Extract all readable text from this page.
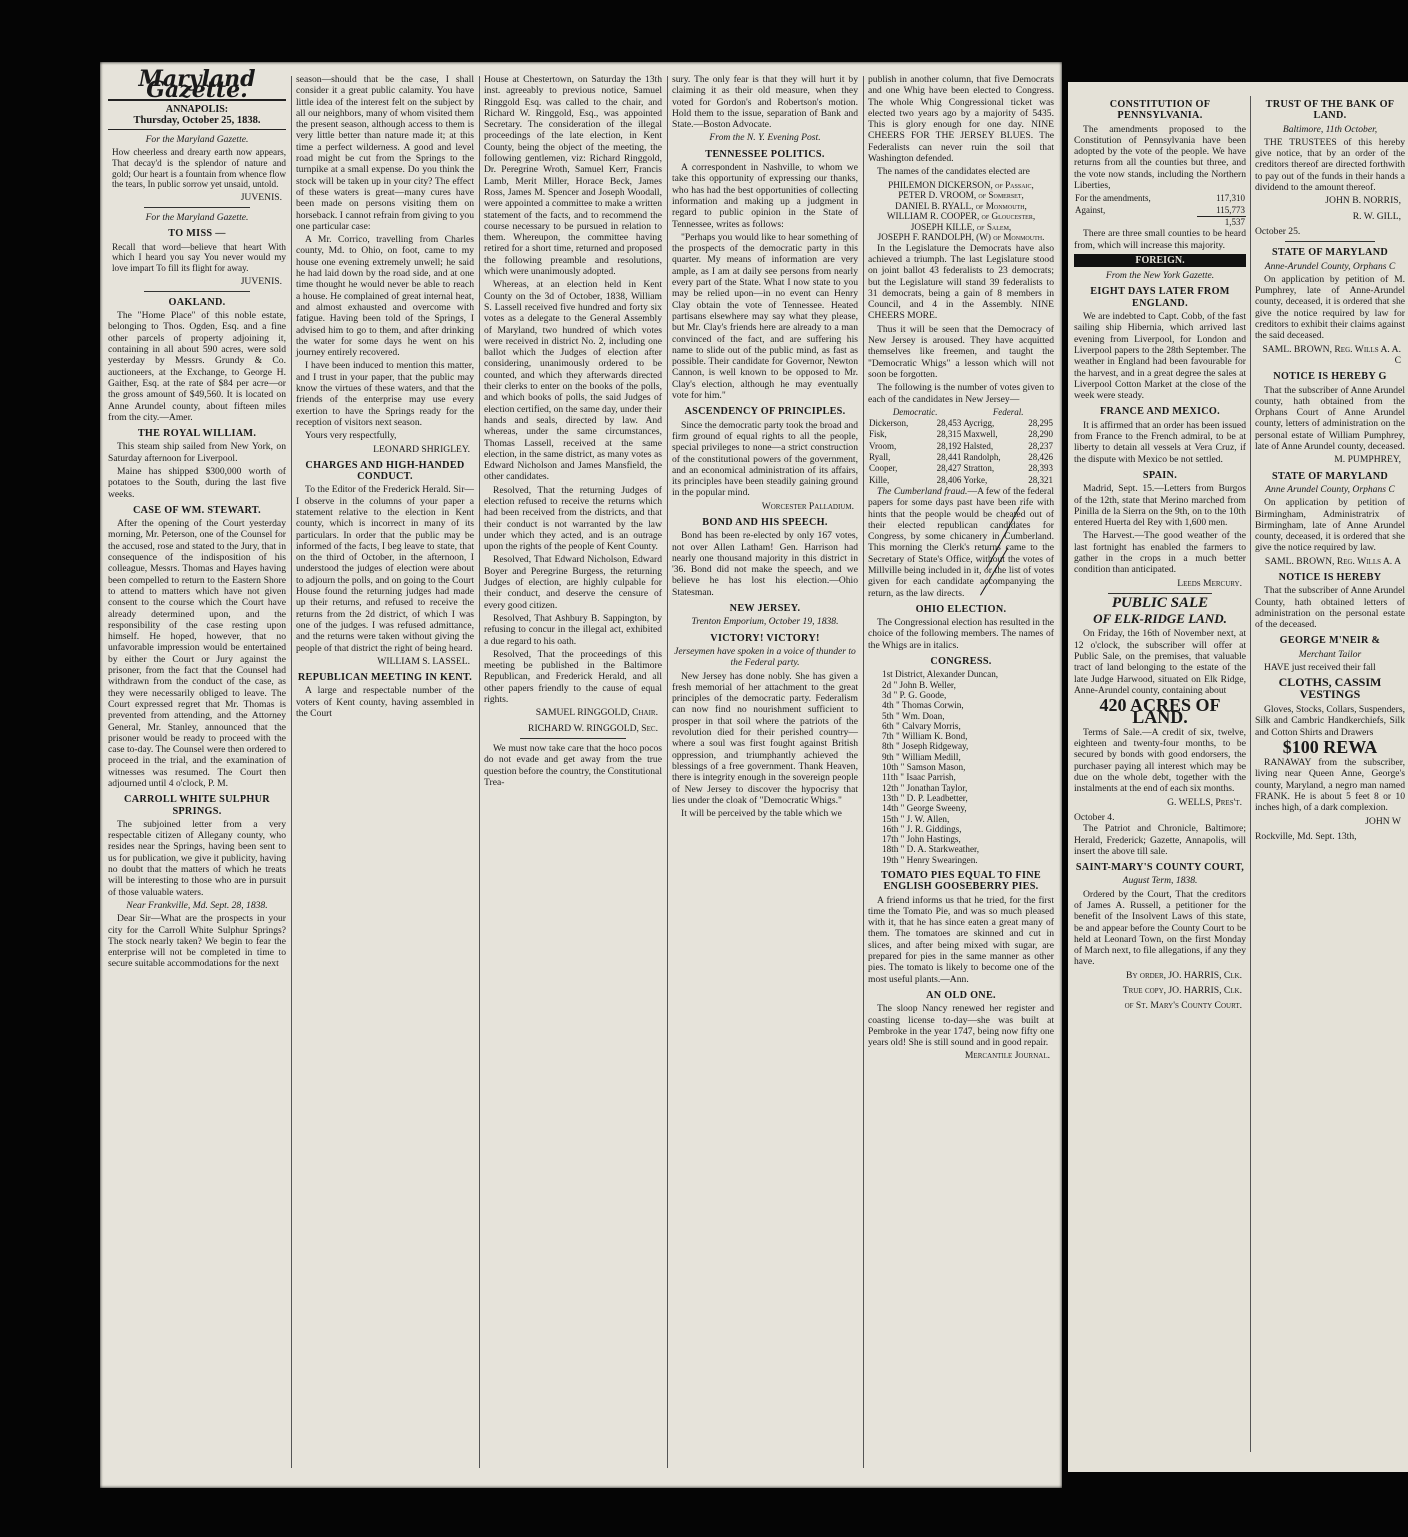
Maryland Gazette.
ANNAPOLIS:
Thursday, October 25, 1838.
For the Maryland Gazette.

How cheerless and dreary earth now appears, That decay'd is the splendor of nature and gold; Our heart is a fountain from whence flow the tears, In public sorrow yet unsaid, untold.

JUVENIS.
For the Maryland Gazette.
TO MISS —

Recall that word—believe that heart With which I heard you say You never would my love impart To fill its flight for away.

JUVENIS.
OAKLAND.

The "Home Place" of this noble estate, belonging to Thos. Ogden, Esq. and a fine other parcels of property adjoining it, containing in all about 590 acres, were sold yesterday by Messrs. Grundy & Co. auctioneers, at the Exchange, to George H. Gaither, Esq. at the rate of $84 per acre—or the gross amount of $49,560. It is located on Anne Arundel county, about fifteen miles from the city.—Amer.

THE ROYAL WILLIAM.

This steam ship sailed from New York, on Saturday afternoon for Liverpool.

Maine has shipped $300,000 worth of potatoes to the South, during the last five weeks.

CASE OF WM. STEWART.

After the opening of the Court yesterday morning, Mr. Peterson, one of the Counsel for the accused, rose and stated to the Jury, that in consequence of the indisposition of his colleague, Messrs. Thomas and Hayes having been compelled to return to the Eastern Shore to attend to matters which have not given consent to the course which the Court have already determined upon, and the responsibility of the case resting upon himself. He hoped, however, that no unfavorable impression would be entertained by either the Court or Jury against the prisoner, from the fact that the Counsel had withdrawn from the conduct of the case, as they were necessarily obliged to leave. The Court expressed regret that Mr. Thomas is prevented from attending, and the Attorney General, Mr. Stanley, announced that the prisoner would be ready to proceed with the case to-day. The Counsel were then ordered to proceed in the trial, and the examination of witnesses was resumed. The Court then adjourned until 4 o'clock, P. M.

CARROLL WHITE SULPHUR SPRINGS.

The subjoined letter from a very respectable citizen of Allegany county, who resides near the Springs, having been sent to us for publication, we give it publicity, having no doubt that the matters of which he treats will be interesting to those who are in pursuit of those valuable waters.

Near Frankville, Md. Sept. 28, 1838.

Dear Sir—What are the prospects in your city for the Carroll White Sulphur Springs? The stock nearly taken? We begin to fear the enterprise will not be completed in time to secure suitable accommodations for the next

season—should that be the case, I shall consider it a great public calamity. You have little idea of the interest felt on the subject by all our neighbors, many of whom visited them the present season, although access to them is very little better than nature made it; at this time a perfect wilderness. A good and level road might be cut from the Springs to the turnpike at a small expense. Do you think the stock will be taken up in your city? The effect of these waters is great—many cures have been made on persons visiting them on horseback. I cannot refrain from giving to you one particular case:

A Mr. Corrico, travelling from Charles county, Md. to Ohio, on foot, came to my house one evening extremely unwell; he said he had laid down by the road side, and at one time thought he would never be able to reach a house. He complained of great internal heat, and almost exhausted and overcome with fatigue. Having been told of the Springs, I advised him to go to them, and after drinking the water for some days he went on his journey entirely recovered.

I have been induced to mention this matter, and I trust in your paper, that the public may know the virtues of these waters, and that the friends of the enterprise may use every exertion to have the Springs ready for the reception of visitors next season.

Yours very respectfully,

LEONARD SHRIGLEY.
CHARGES AND HIGH-HANDED CONDUCT.

To the Editor of the Frederick Herald. Sir—I observe in the columns of your paper a statement relative to the election in Kent county, which is incorrect in many of its particulars. In order that the public may be informed of the facts, I beg leave to state, that on the third of October, in the afternoon, I understood the judges of election were about to adjourn the polls, and on going to the Court House found the returning judges had made up their returns, and refused to receive the returns from the 2d district, of which I was one of the judges. I was refused admittance, and the returns were taken without giving the people of that district the right of being heard.

WILLIAM S. LASSEL.
REPUBLICAN MEETING IN KENT.

A large and respectable number of the voters of Kent county, having assembled in the Court

House at Chestertown, on Saturday the 13th inst. agreeably to previous notice, Samuel Ringgold Esq. was called to the chair, and Richard W. Ringgold, Esq., was appointed Secretary. The consideration of the illegal proceedings of the late election, in Kent County, being the object of the meeting, the following gentlemen, viz: Richard Ringgold, Dr. Peregrine Wroth, Samuel Kerr, Francis Lamb, Merit Miller, Horace Beck, James Ross, James M. Spencer and Joseph Woodall, were appointed a committee to make a written statement of the facts, and to recommend the course necessary to be pursued in relation to them. Whereupon, the committee having retired for a short time, returned and proposed the following preamble and resolutions, which were unanimously adopted.

Whereas, at an election held in Kent County on the 3d of October, 1838, William S. Lassell received five hundred and forty six votes as a delegate to the General Assembly of Maryland, two hundred of which votes were received in district No. 2, including one ballot which the Judges of election after considering, unanimously ordered to be counted, and which they afterwards directed their clerks to enter on the books of the polls, and which books of polls, the said Judges of election certified, on the same day, under their hands and seals, directed by law. And whereas, under the same circumstances, Thomas Lassell, received at the same election, in the same district, as many votes as Edward Nicholson and James Mansfield, the other candidates.

Resolved, That the returning Judges of election refused to receive the returns which had been received from the districts, and that their conduct is not warranted by the law under which they acted, and is an outrage upon the rights of the people of Kent County.

Resolved, That Edward Nicholson, Edward Boyer and Peregrine Burgess, the returning Judges of election, are highly culpable for their conduct, and deserve the censure of every good citizen.

Resolved, That Ashbury B. Sappington, by refusing to concur in the illegal act, exhibited a due regard to his oath.

Resolved, That the proceedings of this meeting be published in the Baltimore Republican, and Frederick Herald, and all other papers friendly to the cause of equal rights.

SAMUEL RINGGOLD, Chair.
RICHARD W. RINGGOLD, Sec.

We must now take care that the hoco pocos do not evade and get away from the true question before the country, the Constitutional Trea-

sury. The only fear is that they will hurt it by claiming it as their old measure, when they voted for Gordon's and Robertson's motion. Hold them to the issue, separation of Bank and State.—Boston Advocate.

From the N. Y. Evening Post.
TENNESSEE POLITICS.

A correspondent in Nashville, to whom we take this opportunity of expressing our thanks, who has had the best opportunities of collecting information and making up a judgment in regard to public opinion in the State of Tennessee, writes as follows:

"Perhaps you would like to hear something of the prospects of the democratic party in this quarter. My means of information are very ample, as I am at daily see persons from nearly every part of the State. What I now state to you may be relied upon—in no event can Henry Clay obtain the vote of Tennessee. Heated partisans elsewhere may say what they please, but Mr. Clay's friends here are already to a man convinced of the fact, and are suffering his name to slide out of the public mind, as fast as possible. Their candidate for Governor, Newton Cannon, is well known to be opposed to Mr. Clay's election, although he may eventually vote for him."

ASCENDENCY OF PRINCIPLES.

Since the democratic party took the broad and firm ground of equal rights to all the people, special privileges to none—a strict construction of the constitutional powers of the government, and an economical administration of its affairs, its principles have been steadily gaining ground in the popular mind.

Worcester Palladium.
BOND AND HIS SPEECH.

Bond has been re-elected by only 167 votes, not over Allen Latham! Gen. Harrison had nearly one thousand majority in this district in '36. Bond did not make the speech, and we believe he has lost his election.—Ohio Statesman.

NEW JERSEY.
Trenton Emporium, October 19, 1838.
VICTORY! VICTORY!
Jerseymen have spoken in a voice of thunder to the Federal party.

New Jersey has done nobly. She has given a fresh memorial of her attachment to the great principles of the democratic party. Federalism can now find no nourishment sufficient to prosper in that soil where the patriots of the revolution died for their perished country—where a soul was first fought against British oppression, and triumphantly achieved the blessings of a free government. Thank Heaven, there is integrity enough in the sovereign people of New Jersey to discover the hypocrisy that lies under the cloak of "Democratic Whigs."

It will be perceived by the table which we

publish in another column, that five Democrats and one Whig have been elected to Congress. The whole Whig Congressional ticket was elected two years ago by a majority of 5435. This is glory enough for one day. NINE CHEERS FOR THE JERSEY BLUES. The Federalists can never ruin the soil that Washington defended.

The names of the candidates elected are

PHILEMON DICKERSON, of Passaic,
PETER D. VROOM, of Somerset,
DANIEL B. RYALL, of Monmouth,
WILLIAM R. COOPER, of Gloucester,
JOSEPH KILLE, of Salem,
JOSEPH F. RANDOLPH, (W) of Monmouth.

In the Legislature the Democrats have also achieved a triumph. The last Legislature stood on joint ballot 43 federalists to 23 democrats; but the Legislature will stand 39 federalists to 31 democrats, being a gain of 8 members in Council, and 4 in the Assembly. NINE CHEERS MORE.

Thus it will be seen that the Democracy of New Jersey is aroused. They have acquitted themselves like freemen, and taught the "Democratic Whigs" a lesson which will not soon be forgotten.

The following is the number of votes given to each of the candidates in New Jersey—

Democratic.		Federal.	
Dickerson,	28,453	Aycrigg,	28,295
Fisk,	28,315	Maxwell,	28,290
Vroom,	28,192	Halsted,	28,237
Ryall,	28,441	Randolph,	28,426
Cooper,	28,427	Stratton,	28,393
Kille,	28,406	Yorke,	28,321

The Cumberland fraud.—A few of the federal papers for some days past have been rife with hints that the people would be cheated out of their elected republican candidates for Congress, by some chicanery in Cumberland. This morning the Clerk's returns came to the Secretary of State's Office, without the votes of Millville being included in it, or the list of votes given for each candidate accompanying the return, as the law directs.

OHIO ELECTION.

The Congressional election has resulted in the choice of the following members. The names of the Whigs are in italics.

CONGRESS.
1st District, Alexander Duncan,
2d " John B. Weller,
3d " P. G. Goode,
4th " Thomas Corwin,
5th " Wm. Doan,
6th " Calvary Morris,
7th " William K. Bond,
8th " Joseph Ridgeway,
9th " William Medill,
10th " Samson Mason,
11th " Isaac Parrish,
12th " Jonathan Taylor,
13th " D. P. Leadbetter,
14th " George Sweeny,
15th " J. W. Allen,
16th " J. R. Giddings,
17th " John Hastings,
18th " D. A. Starkweather,
19th " Henry Swearingen.
TOMATO PIES EQUAL TO FINE ENGLISH GOOSEBERRY PIES.

A friend informs us that he tried, for the first time the Tomato Pie, and was so much pleased with it, that he has since eaten a great many of them. The tomatoes are skinned and cut in slices, and after being mixed with sugar, are prepared for pies in the same manner as other pies. The tomato is likely to become one of the most useful plants.—Ann.

AN OLD ONE.

The sloop Nancy renewed her register and coasting license to-day—she was built at Pembroke in the year 1747, being now fifty one years old! She is still sound and in good repair.

Mercantile Journal.
CONSTITUTION OF PENNSYLVANIA.

The amendments proposed to the Constitution of Pennsylvania have been adopted by the vote of the people. We have returns from all the counties but three, and the vote now stands, including the Northern Liberties,

For the amendments,	117,310
Against,	115,773
	1,537

There are three small counties to be heard from, which will increase this majority.

FOREIGN.
From the New York Gazette.
EIGHT DAYS LATER FROM ENGLAND.

We are indebted to Capt. Cobb, of the fast sailing ship Hibernia, which arrived last evening from Liverpool, for London and Liverpool papers to the 28th September. The weather in England had been favourable for the harvest, and in a great degree the sales at Liverpool Cotton Market at the close of the week were steady.

FRANCE AND MEXICO.

It is affirmed that an order has been issued from France to the French admiral, to be at liberty to detain all vessels at Vera Cruz, if the dispute with Mexico be not settled.

SPAIN.

Madrid, Sept. 15.—Letters from Burgos of the 12th, state that Merino marched from Pinilla de la Sierra on the 9th, on to the 10th entered Huerta del Rey with 1,600 men.

The Harvest.—The good weather of the last fortnight has enabled the farmers to gather in the crops in a much better condition than anticipated.

Leeds Mercury.
PUBLIC SALE
OF ELK-RIDGE LAND.

On Friday, the 16th of November next, at 12 o'clock, the subscriber will offer at Public Sale, on the premises, that valuable tract of land belonging to the estate of the late Judge Harwood, situated on Elk Ridge, Anne-Arundel county, containing about

420 ACRES OF LAND.

Terms of Sale.—A credit of six, twelve, eighteen and twenty-four months, to be secured by bonds with good endorsers, the purchaser paying all interest which may be due on the whole debt, together with the instalments at the end of each six months.

G. WELLS, Pres't.
October 4.

The Patriot and Chronicle, Baltimore; Herald, Frederick; Gazette, Annapolis, will insert the above till sale.

SAINT-MARY'S COUNTY COURT,
August Term, 1838.

Ordered by the Court, That the creditors of James A. Russell, a petitioner for the benefit of the Insolvent Laws of this state, be and appear before the County Court to be held at Leonard Town, on the first Monday of March next, to file allegations, if any they have.

By order, JO. HARRIS, Clk.
True copy, JO. HARRIS, Clk.
of St. Mary's County Court.
TRUST OF THE BANK OF LAND.
Baltimore, 11th October,

THE TRUSTEES of this hereby give notice, that by an order of the creditors thereof are directed forthwith to pay out of the funds in their hands a dividend to the amount thereof.

JOHN B. NORRIS,
R. W. GILL,
October 25.
STATE OF MARYLAND
Anne-Arundel County, Orphans C

On application by petition of M. Pumphrey, late of Anne-Arundel county, deceased, it is ordered that she give the notice required by law for creditors to exhibit their claims against the said deceased.

SAML. BROWN, Reg. Wills A. A. C
NOTICE IS HEREBY G

That the subscriber of Anne Arundel county, hath obtained from the Orphans Court of Anne Arundel county, letters of administration on the personal estate of William Pumphrey, late of Anne Arundel county, deceased.

M. PUMPHREY,
STATE OF MARYLAND
Anne Arundel County, Orphans C

On application by petition of Birmingham, Administratrix of Birmingham, late of Anne Arundel county, deceased, it is ordered that she give the notice required by law.

SAML. BROWN, Reg. Wills A. A
NOTICE IS HEREBY

That the subscriber of Anne Arundel County, hath obtained letters of administration on the personal estate of the deceased.

GEORGE M'NEIR &
Merchant Tailor

HAVE just received their fall

CLOTHS, CASSIM VESTINGS

Gloves, Stocks, Collars, Suspenders, Silk and Cambric Handkerchiefs, Silk and Cotton Shirts and Drawers

$100 REWA

RANAWAY from the subscriber, living near Queen Anne, George's county, Maryland, a negro man named FRANK. He is about 5 feet 8 or 10 inches high, of a dark complexion.

JOHN W
Rockville, Md. Sept. 13th,
